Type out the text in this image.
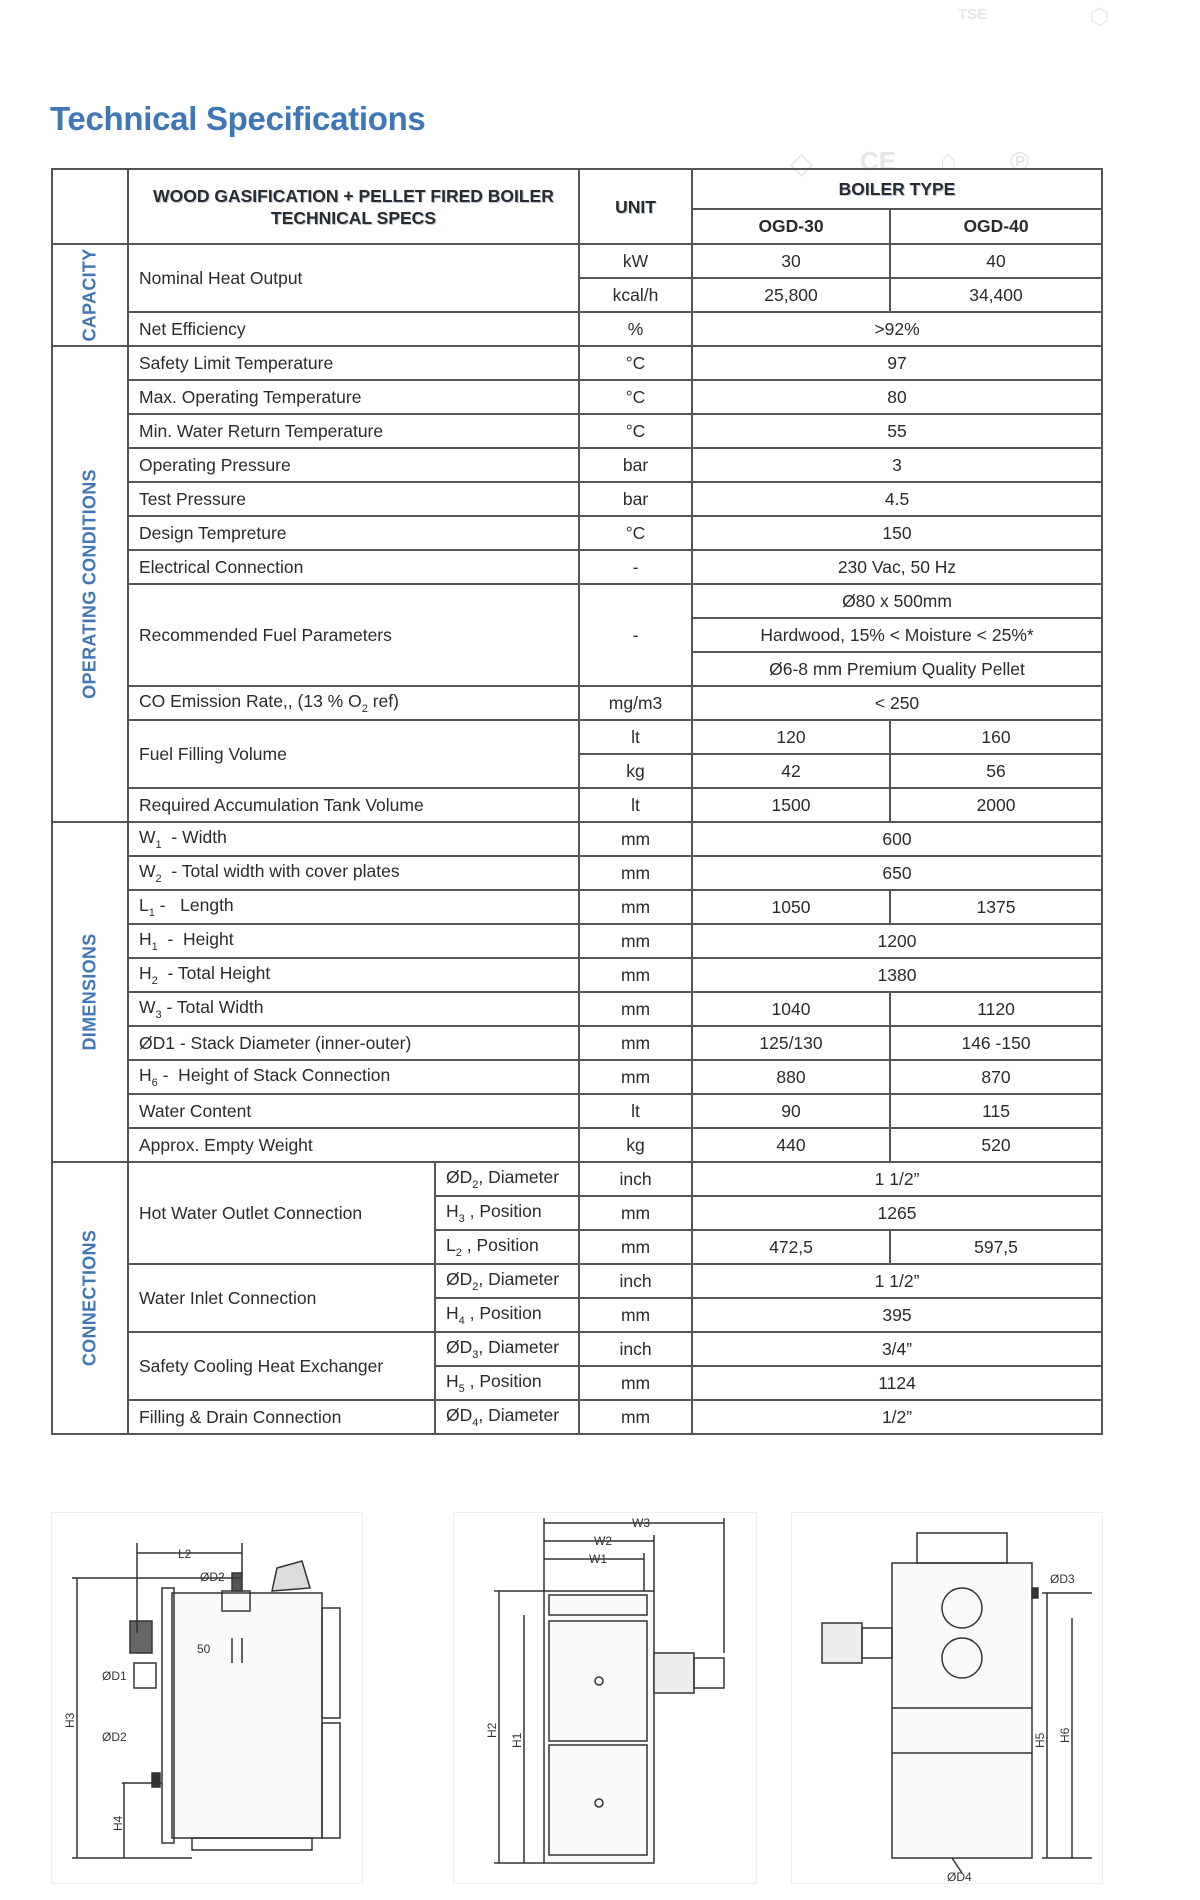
Technical Specifications
TSE	⬡
◇ CE ⌂ ℗

	WOOD GASIFICATION + PELLET FIRED BOILER
TECHNICAL SPECS		UNIT	BOILER TYPE	
				OGD-30	OGD-40

CAPACITY	Nominal Heat Output		kW	30	40
			kcal/h	25,800	34,400
	Net Efficiency		%	>92%	

OPERATING CONDITIONS	Safety Limit Temperature		°C	97	
	Max. Operating Temperature		°C	80	
	Min. Water Return Temperature		°C	55	
	Operating Pressure		bar	3	
	Test Pressure		bar	4.5	
	Design Tempreture		°C	150	
	Electrical Connection		-	230 Vac, 50 Hz	
	Recommended Fuel Parameters		-	Ø80 x 500mm	
				Hardwood, 15% < Moisture < 25%*	
				Ø6-8 mm Premium Quality Pellet	
	CO Emission Rate,, (13 % $O_2$ ref)		mg/m3	< 250	
	Fuel Filling Volume		lt	120	160
			kg	42	56
	Required Accumulation Tank Volume		lt	1500	2000

DIMENSIONS	$W_1$  - Width		mm	600	
	$W_2$  - Total width with cover plates		mm	650	
	$L_1$ -   Length		mm	1050	1375
	$H_1$  -  Height		mm	1200	
	$H_2$  - Total Height		mm	1380	
	$W_3$ - Total Width		mm	1040	1120
	ØD1 - Stack Diameter (inner-outer)		mm	125/130	146 -150
	$H_6$ -  Height of Stack Connection		mm	880	870
	Water Content		lt	90	115
	Approx. Empty Weight		kg	440	520

CONNECTIONS	Hot Water Outlet Connection	$ØD_2$, Diameter	inch	1 1/2”	
		$H_3$ , Position	mm	1265	
		$L_2$ , Position	mm	472,5	597,5
	Water Inlet Connection	$ØD_2$, Diameter	inch	1 1/2”	
		$H_4$ , Position	mm	395	
	Safety Cooling Heat Exchanger	$ØD_3$, Diameter	inch	3/4”	
		$H_5$ , Position	mm	1124	
	Filling & Drain Connection	$ØD_4$, Diameter	mm	1/2”	
L2
ØD2
50
ØD1
ØD2
H3
H4
W3
W2
W1
H2
H1
ØD3
ØD4
H5 H6
